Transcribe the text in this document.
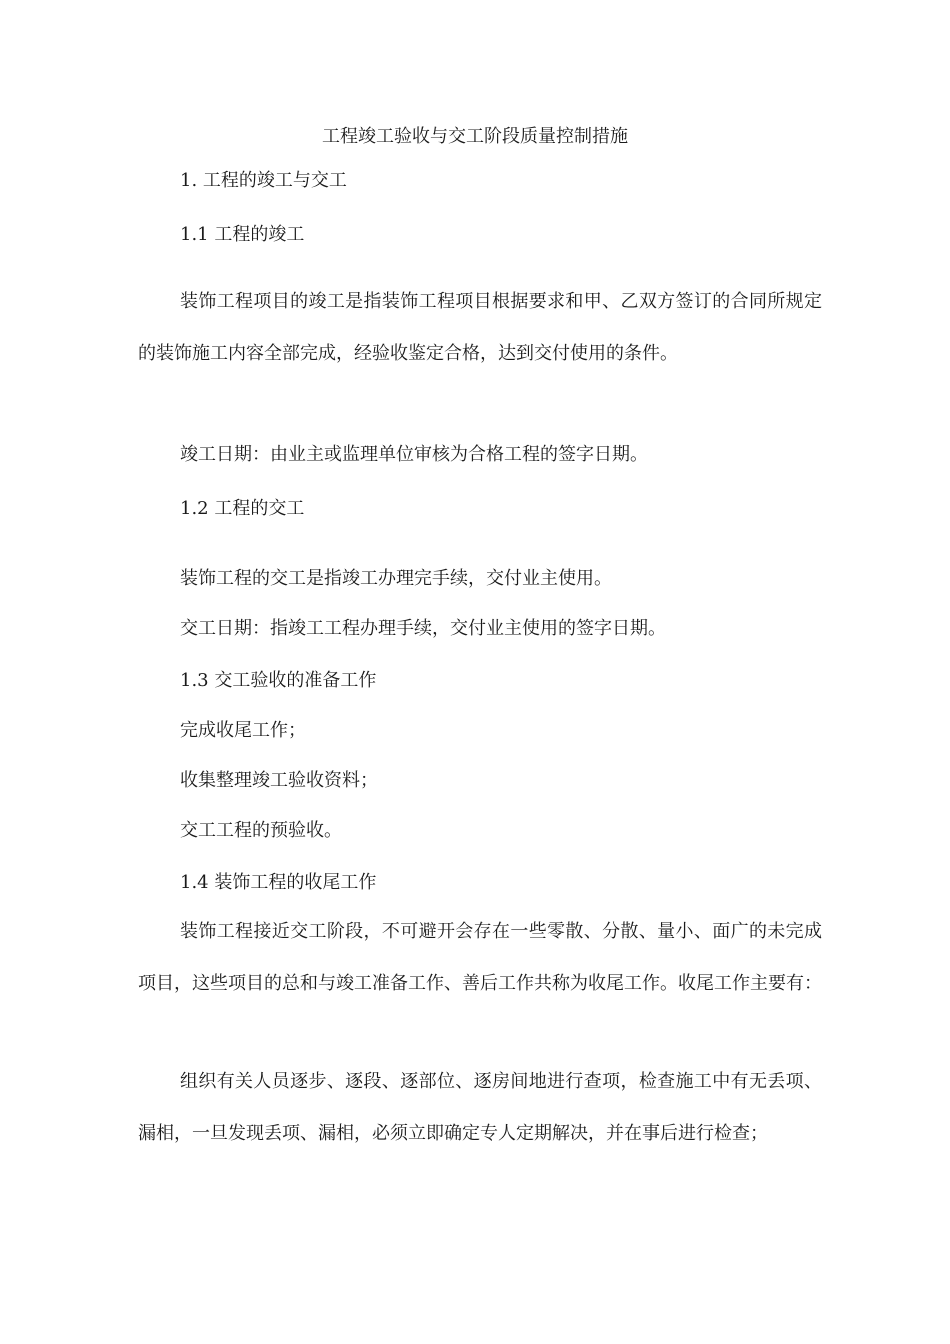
工程竣工验收与交工阶段质量控制措施

1. 工程的竣工与交工

1.1 工程的竣工

装饰工程项目的竣工是指装饰工程项目根据要求和甲、乙双方签订的合同所规定的装饰施工内容全部完成，经验收鉴定合格，达到交付使用的条件。

竣工日期：由业主或监理单位审核为合格工程的签字日期。

1.2 工程的交工

装饰工程的交工是指竣工办理完手续，交付业主使用。

交工日期：指竣工工程办理手续，交付业主使用的签字日期。

1.3 交工验收的准备工作

完成收尾工作；

收集整理竣工验收资料；

交工工程的预验收。

1.4 装饰工程的收尾工作

装饰工程接近交工阶段，不可避开会存在一些零散、分散、量小、面广的未完成项目，这些项目的总和与竣工准备工作、善后工作共称为收尾工作。收尾工作主要有：

组织有关人员逐步、逐段、逐部位、逐房间地进行查项，检查施工中有无丢项、漏相，一旦发现丢项、漏相，必须立即确定专人定期解决，并在事后进行检查；
